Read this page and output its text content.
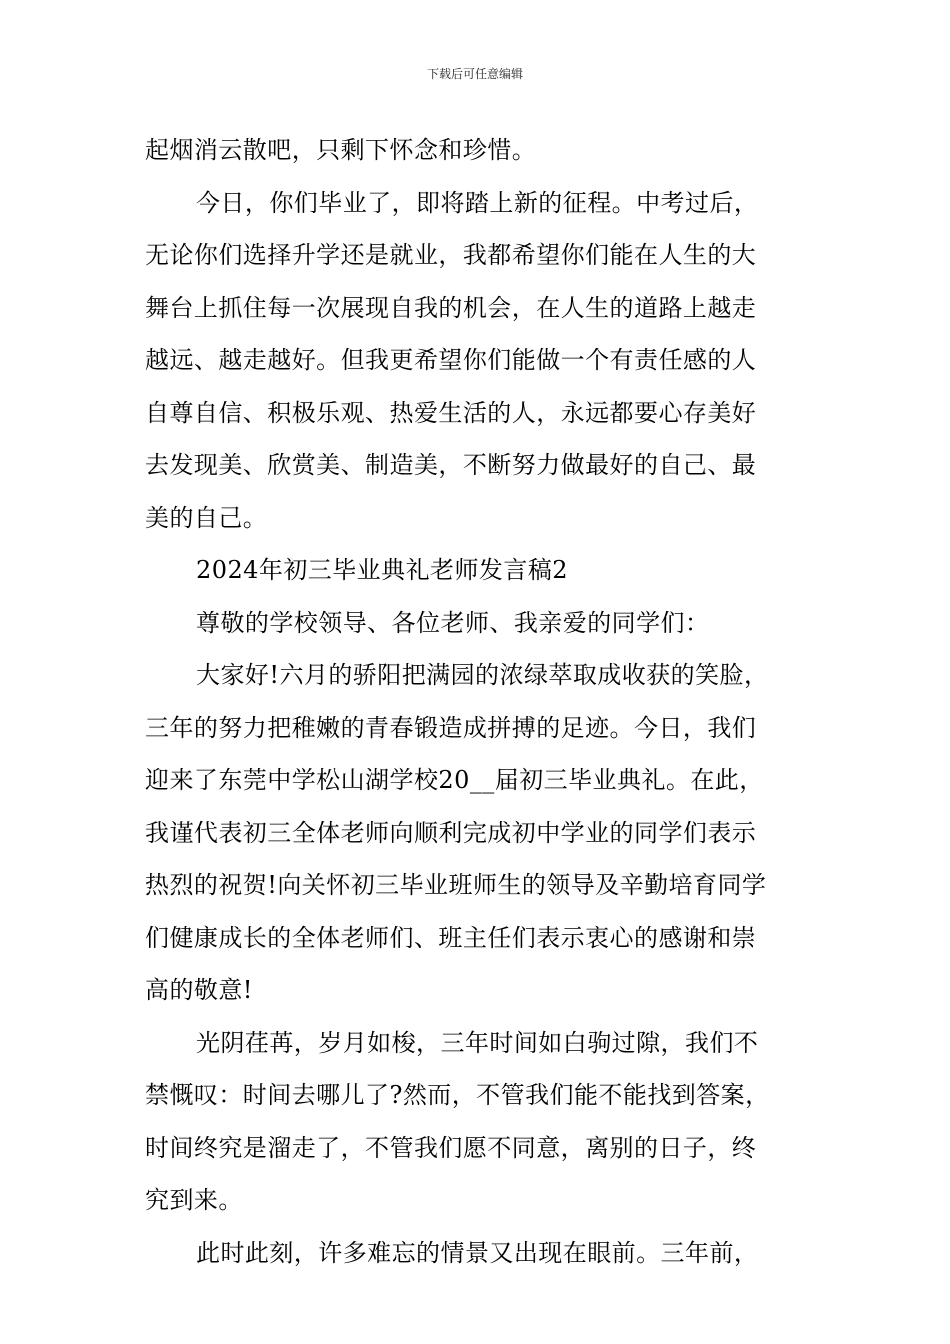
下载后可任意编辑
起烟消云散吧，只剩下怀念和珍惜。
今日，你们毕业了，即将踏上新的征程。中考过后，
无论你们选择升学还是就业，我都希望你们能在人生的大
舞台上抓住每一次展现自我的机会，在人生的道路上越走
越远、越走越好。但我更希望你们能做一个有责任感的人
自尊自信、积极乐观、热爱生活的人，永远都要心存美好
去发现美、欣赏美、制造美，不断努力做最好的自己、最
美的自己。
2024年初三毕业典礼老师发言稿2
尊敬的学校领导、各位老师、我亲爱的同学们：
大家好!六月的骄阳把满园的浓绿萃取成收获的笑脸，
三年的努力把稚嫩的青春锻造成拼搏的足迹。今日，我们
迎来了东莞中学松山湖学校20__届初三毕业典礼。在此，
我谨代表初三全体老师向顺利完成初中学业的同学们表示
热烈的祝贺!向关怀初三毕业班师生的领导及辛勤培育同学
们健康成长的全体老师们、班主任们表示衷心的感谢和崇
高的敬意!
光阴荏苒，岁月如梭，三年时间如白驹过隙，我们不
禁慨叹：时间去哪儿了?然而，不管我们能不能找到答案，
时间终究是溜走了，不管我们愿不同意，离别的日子，终
究到来。
此时此刻，许多难忘的情景又出现在眼前。三年前，
